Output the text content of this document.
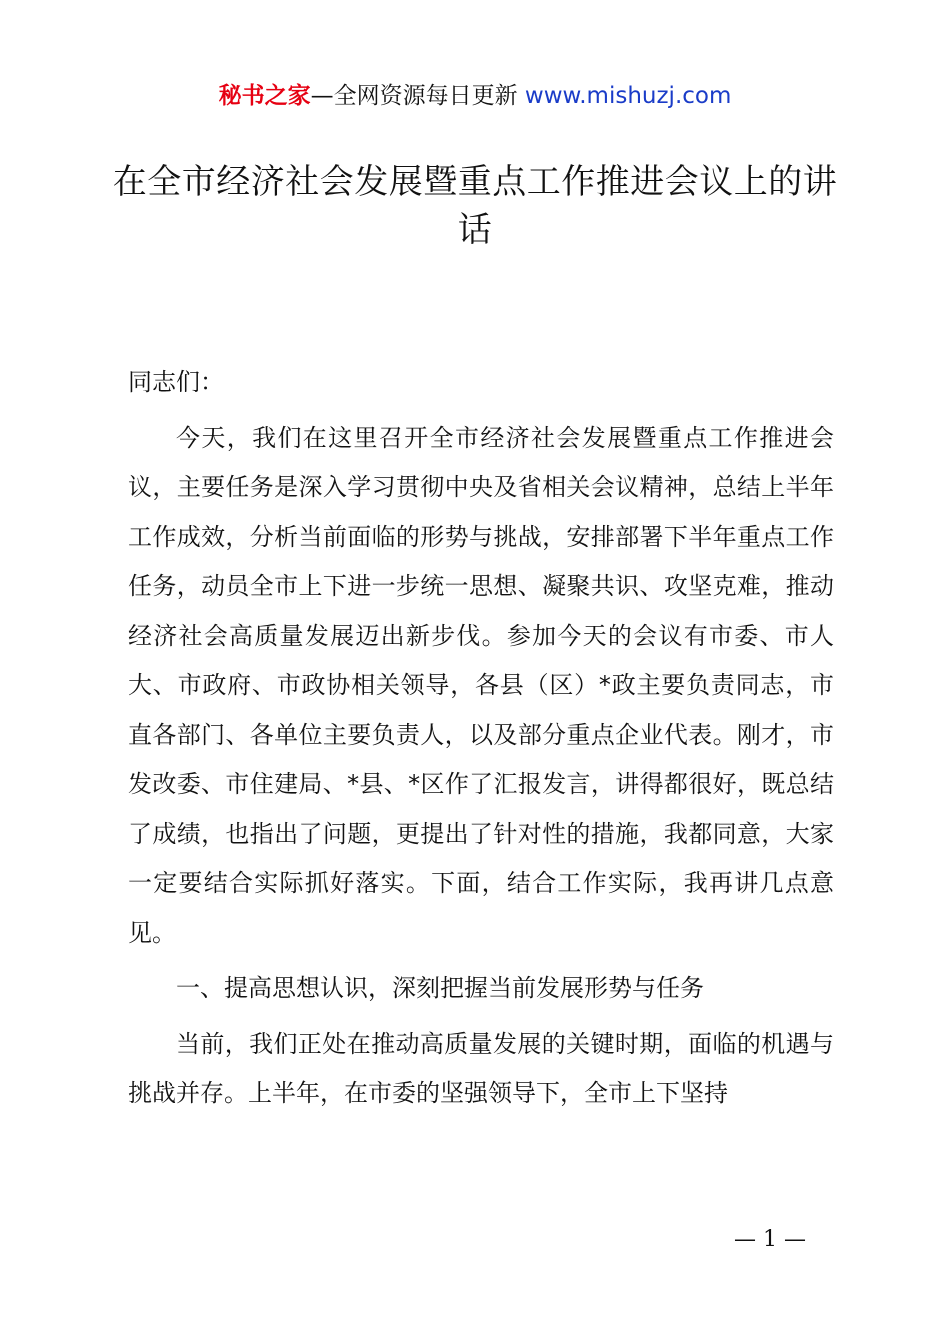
秘书之家—全网资源每日更新 www.mishuzj.com
在全市经济社会发展暨重点工作推进会议上的讲话

同志们：

今天，我们在这里召开全市经济社会发展暨重点工作推进会议，主要任务是深入学习贯彻中央及省相关会议精神，总结上半年工作成效，分析当前面临的形势与挑战，安排部署下半年重点工作任务，动员全市上下进一步统一思想、凝聚共识、攻坚克难，推动经济社会高质量发展迈出新步伐。参加今天的会议有市委、市人大、市政府、市政协相关领导，各县（区）*政主要负责同志，市直各部门、各单位主要负责人，以及部分重点企业代表。刚才，市发改委、市住建局、*县、*区作了汇报发言，讲得都很好，既总结了成绩，也指出了问题，更提出了针对性的措施，我都同意，大家一定要结合实际抓好落实。下面，结合工作实际，我再讲几点意见。

一、提高思想认识，深刻把握当前发展形势与任务

当前，我们正处在推动高质量发展的关键时期，面临的机遇与挑战并存。上半年，在市委的坚强领导下，全市上下坚持

— 1 —
